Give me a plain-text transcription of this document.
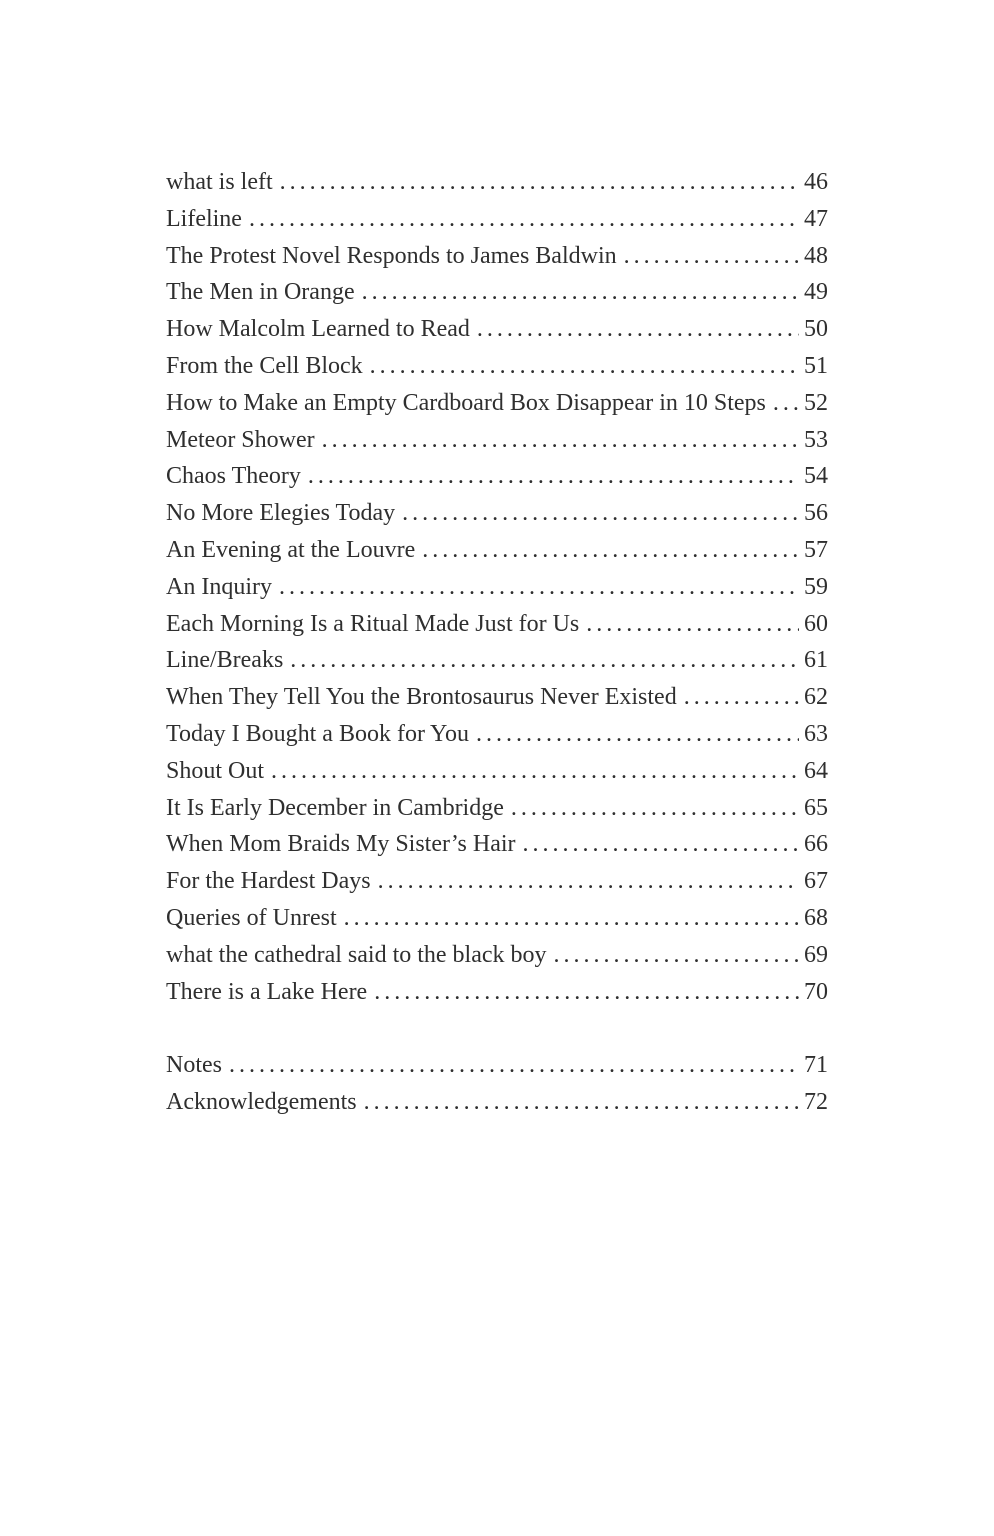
what is left .....	46
Lifeline .....	47
The Protest Novel Responds to James Baldwin .....	48
The Men in Orange .....	49
How Malcolm Learned to Read .....	50
From the Cell Block .....	51
How to Make an Empty Cardboard Box Disappear in 10 Steps ..... 52
Meteor Shower .....	53
Chaos Theory .....	54
No More Elegies Today .....	56
An Evening at the Louvre .....	57
An Inquiry .....	59
Each Morning Is a Ritual Made Just for Us .....	60
Line/Breaks .....	61
When They Tell You the Brontosaurus Never Existed .....	62
Today I Bought a Book for You .....	63
Shout Out .....	64
It Is Early December in Cambridge .....	65
When Mom Braids My Sister’s Hair .....	66
For the Hardest Days .....	67
Queries of Unrest .....	68
what the cathedral said to the black boy .....	69
There is a Lake Here .....	70
Notes .....	71
Acknowledgements .....	72
